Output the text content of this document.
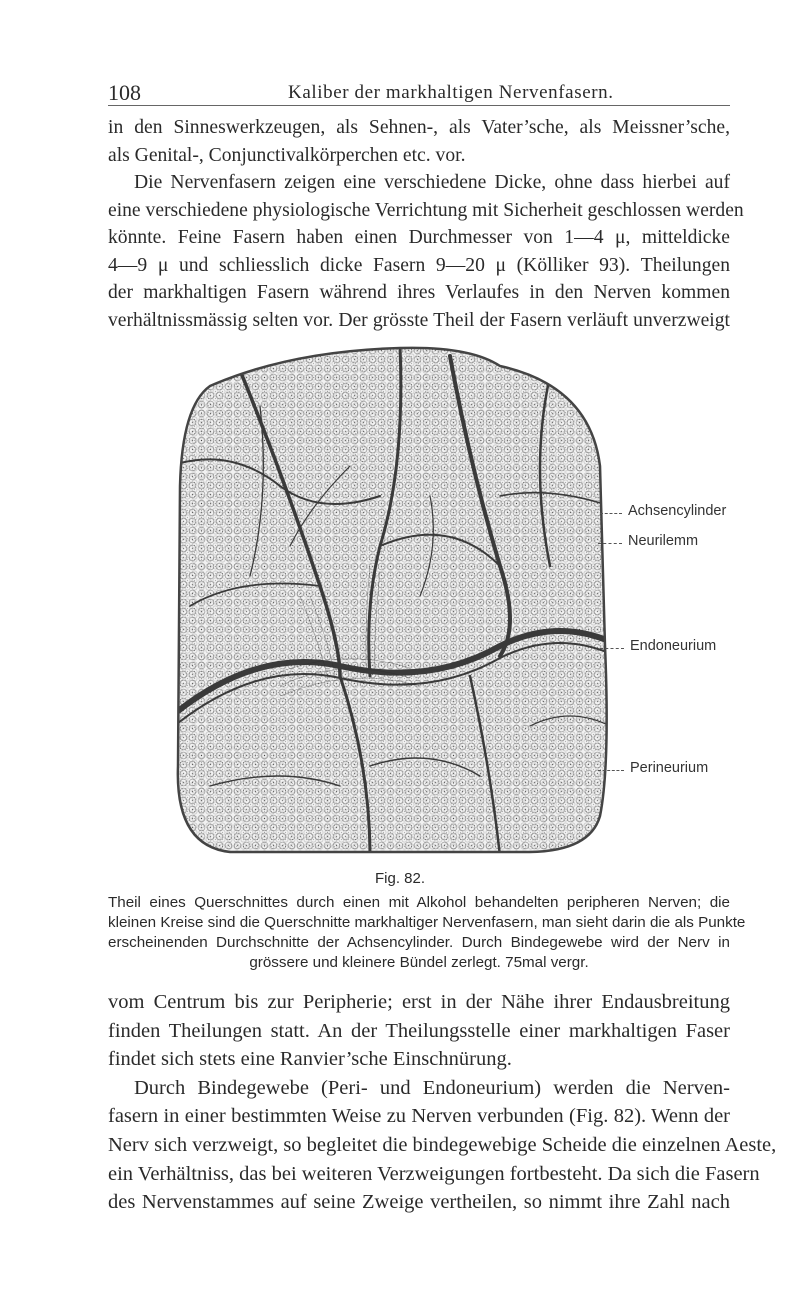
108	Kaliber der markhaltigen Nervenfasern.
in den Sinneswerkzeugen, als Sehnen-, als Vater’sche, als Meissner’sche,
als Genital-, Conjunctivalkörperchen etc. vor.
Die Nervenfasern zeigen eine verschiedene Dicke, ohne dass hierbei auf
eine verschiedene physiologische Verrichtung mit Sicherheit geschlossen werden
könnte. Feine Fasern haben einen Durchmesser von 1—4 μ, mitteldicke
4—9 μ und schliesslich dicke Fasern 9—20 μ (Kölliker 93). Theilungen
der markhaltigen Fasern während ihres Verlaufes in den Nerven kommen
verhältnissmässig selten vor. Der grösste Theil der Fasern verläuft unverzweigt
Achsencylinder
Neurilemm
Endoneurium
Perineurium
Fig. 82.
Theil eines Querschnittes durch einen mit Alkohol behandelten peripheren Nerven; die
kleinen Kreise sind die Querschnitte markhaltiger Nervenfasern, man sieht darin die als Punkte
erscheinenden Durchschnitte der Achsencylinder. Durch Bindegewebe wird der Nerv in
grössere und kleinere Bündel zerlegt. 75mal vergr.
vom Centrum bis zur Peripherie; erst in der Nähe ihrer Endausbreitung
finden Theilungen statt. An der Theilungsstelle einer markhaltigen Faser
findet sich stets eine Ranvier’sche Einschnürung.
Durch Bindegewebe (Peri- und Endoneurium) werden die Nerven-
fasern in einer bestimmten Weise zu Nerven verbunden (Fig. 82). Wenn der
Nerv sich verzweigt, so begleitet die bindegewebige Scheide die einzelnen Aeste,
ein Verhältniss, das bei weiteren Verzweigungen fortbesteht. Da sich die Fasern
des Nervenstammes auf seine Zweige vertheilen, so nimmt ihre Zahl nach
